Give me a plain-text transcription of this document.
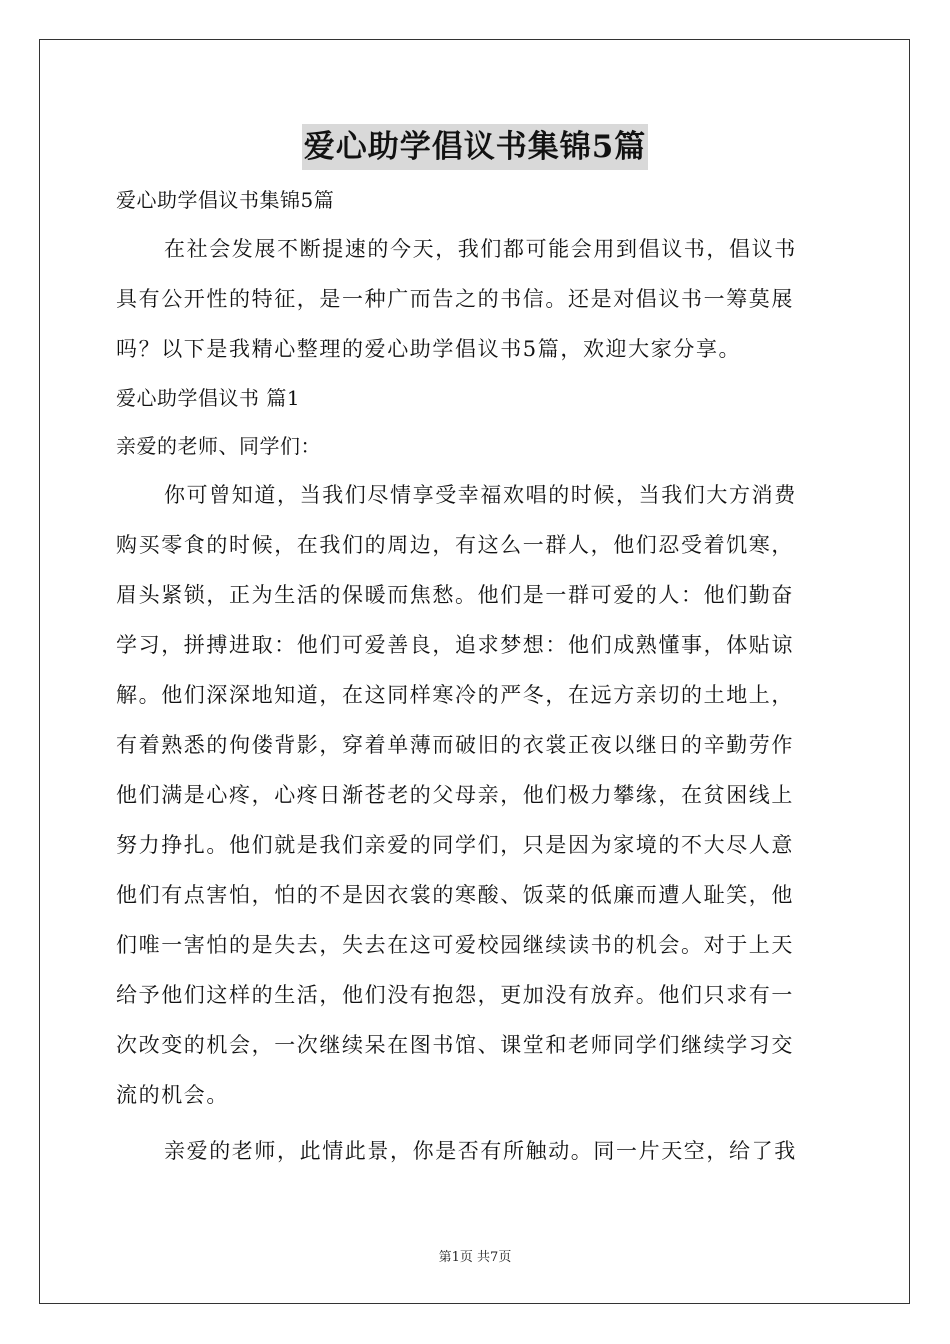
爱心助学倡议书集锦5篇
爱心助学倡议书集锦5篇
在社会发展不断提速的今天，我们都可能会用到倡议书，倡议书
具有公开性的特征，是一种广而告之的书信。还是对倡议书一筹莫展
吗？以下是我精心整理的爱心助学倡议书5篇，欢迎大家分享。
爱心助学倡议书 篇1
亲爱的老师、同学们：
你可曾知道，当我们尽情享受幸福欢唱的时候，当我们大方消费
购买零食的时候，在我们的周边，有这么一群人，他们忍受着饥寒，
眉头紧锁，正为生活的保暖而焦愁。他们是一群可爱的人：他们勤奋
学习，拼搏进取：他们可爱善良，追求梦想：他们成熟懂事，体贴谅
解。他们深深地知道，在这同样寒冷的严冬，在远方亲切的土地上，
有着熟悉的佝偻背影，穿着单薄而破旧的衣裳正夜以继日的辛勤劳作
他们满是心疼，心疼日渐苍老的父母亲，他们极力攀缘，在贫困线上
努力挣扎。他们就是我们亲爱的同学们，只是因为家境的不大尽人意
他们有点害怕，怕的不是因衣裳的寒酸、饭菜的低廉而遭人耻笑，他
们唯一害怕的是失去，失去在这可爱校园继续读书的机会。对于上天
给予他们这样的生活，他们没有抱怨，更加没有放弃。他们只求有一
次改变的机会，一次继续呆在图书馆、课堂和老师同学们继续学习交
流的机会。
亲爱的老师，此情此景，你是否有所触动。同一片天空，给了我
第1页 共7页
